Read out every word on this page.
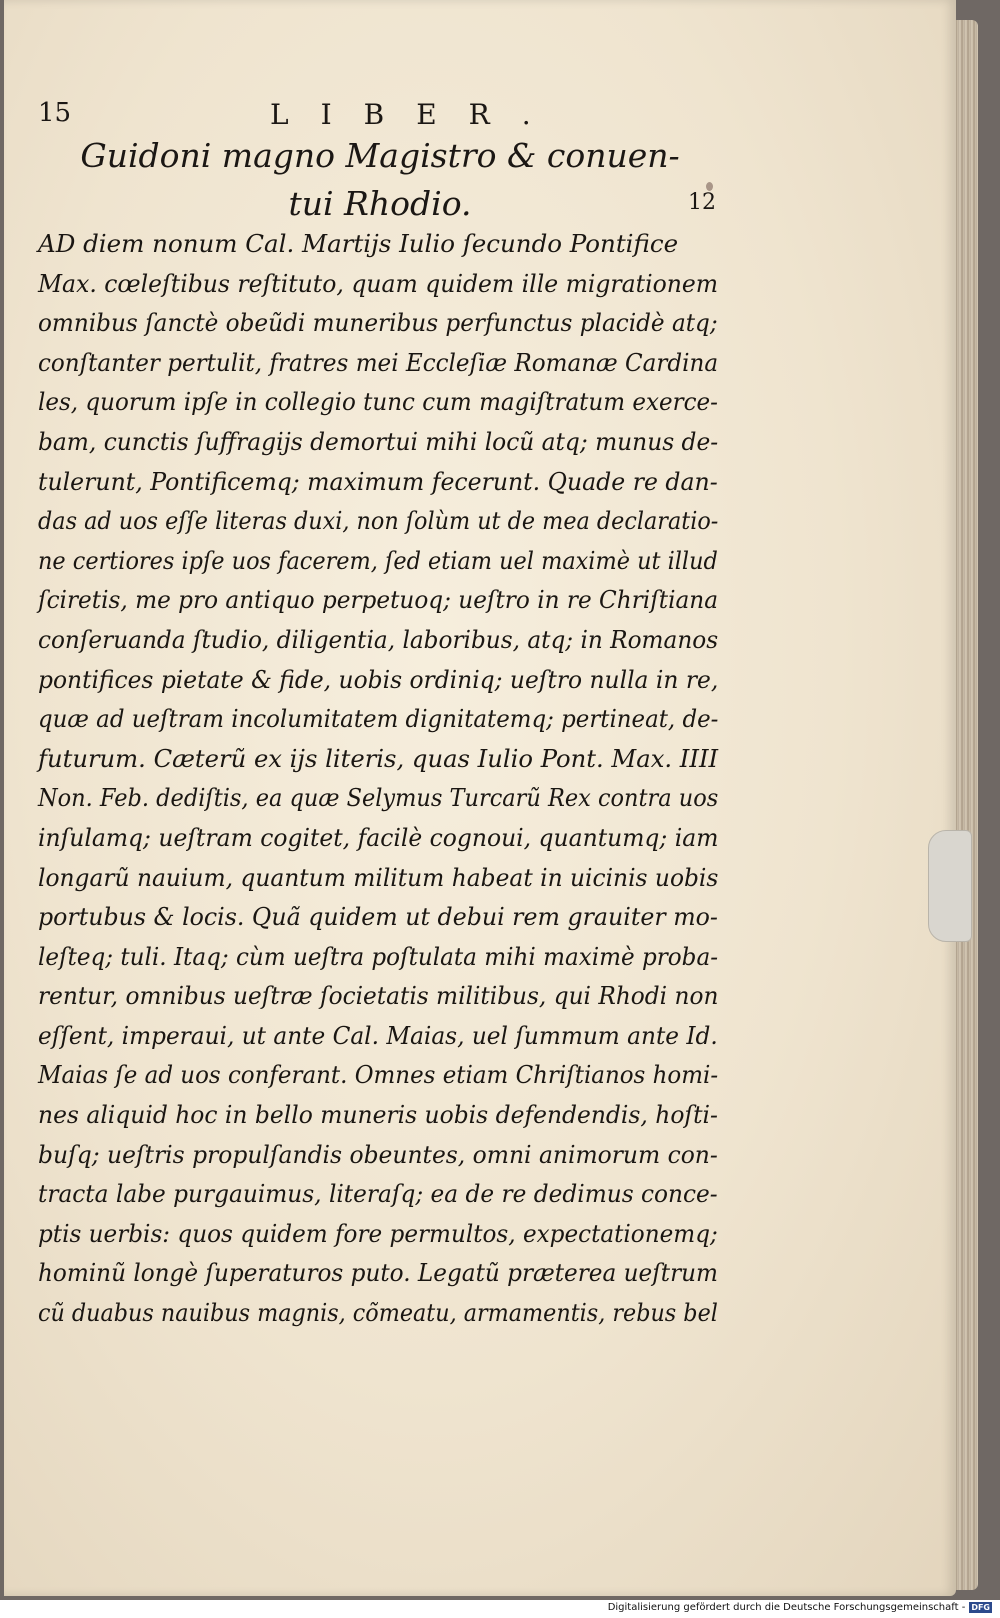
15	LIBER.
Guidoni magno Magistro & conuen-
tui Rhodio.	12
AD diem nonum Cal. Martijs Iulio ſecundo Pontifice
Max. cœleſtibus reſtituto, quam quidem ille migrationem
omnibus ſanctè obeũdi muneribus perfunctus placidè atq;
conſtanter pertulit, fratres mei Eccleſiæ Romanæ Cardina
les, quorum ipſe in collegio tunc cum magiſtratum exerce-
bam, cunctis ſuffragijs demortui mihi locũ atq; munus de-
tulerunt, Pontificemq; maximum fecerunt. Quade re dan-
das ad uos eſſe literas duxi, non ſolùm ut de mea declaratio-
ne certiores ipſe uos facerem, ſed etiam uel maximè ut illud
ſciretis, me pro antiquo perpetuoq; ueſtro in re Chriſtiana
conſeruanda ſtudio, diligentia, laboribus, atq; in Romanos
pontifices pietate & fide, uobis ordiniq; ueſtro nulla in re,
quæ ad ueſtram incolumitatem dignitatemq; pertineat, de-
futurum. Cæterũ ex ijs literis, quas Iulio Pont. Max. IIII
Non. Feb. dediſtis, ea quæ Selymus Turcarũ Rex contra uos
inſulamq; ueſtram cogitet, facilè cognoui, quantumq; iam
longarũ nauium, quantum militum habeat in uicinis uobis
portubus & locis. Quã quidem ut debui rem grauiter mo-
leſteq; tuli. Itaq; cùm ueſtra poſtulata mihi maximè proba-
rentur, omnibus ueſtræ ſocietatis militibus, qui Rhodi non
eſſent, imperaui, ut ante Cal. Maias, uel ſummum ante Id.
Maias ſe ad uos conferant. Omnes etiam Chriſtianos homi-
nes aliquid hoc in bello muneris uobis defendendis, hoſti-
buſq; ueſtris propulſandis obeuntes, omni animorum con-
tracta labe purgauimus, literaſq; ea de re dedimus conce-
ptis uerbis: quos quidem fore permultos, expectationemq;
hominũ longè ſuperaturos puto. Legatũ præterea ueſtrum
cũ duabus nauibus magnis, cõmeatu, armamentis, rebus bel
Digitalisierung gefördert durch die Deutsche Forschungsgemeinschaft - DFG
